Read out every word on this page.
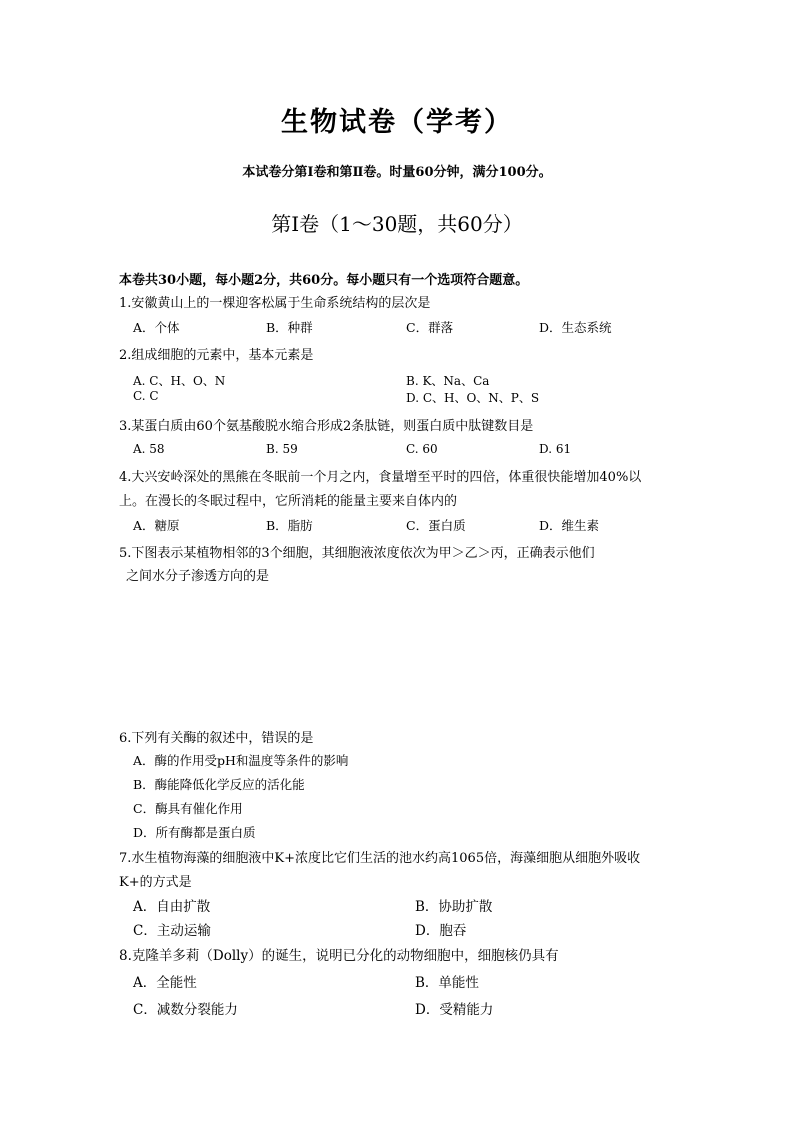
生物试卷（学考）
本试卷分第Ⅰ卷和第Ⅱ卷。时量60分钟，满分100分。
第Ⅰ卷（1～30题，共60分）
本卷共30小题，每小题2分，共60分。每小题只有一个选项符合题意。
1.安徽黄山上的一棵迎客松属于生命系统结构的层次是
A．个体	B．种群	C．群落	D．生态系统
2.组成细胞的元素中，基本元素是
A. C、H、O、N	B. K、Na、Ca
C. C	D. C、H、O、N、P、S
3.某蛋白质由60个氨基酸脱水缩合形成2条肽链，则蛋白质中肽键数目是
A. 58	B. 59	C. 60	D. 61
4.大兴安岭深处的黑熊在冬眠前一个月之内，食量增至平时的四倍，体重很快能增加40%以
上。在漫长的冬眠过程中，它所消耗的能量主要来自体内的
A．糖原	B．脂肪	C．蛋白质	D．维生素
5.下图表示某植物相邻的3个细胞，其细胞液浓度依次为甲＞乙＞丙，正确表示他们
之间水分子渗透方向的是
6.下列有关酶的叙述中，错误的是
A．酶的作用受pH和温度等条件的影响
B．酶能降低化学反应的活化能
C．酶具有催化作用
D．所有酶都是蛋白质
7.水生植物海藻的细胞液中K+浓度比它们生活的池水约高1065倍，海藻细胞从细胞外吸收
K+的方式是
A．自由扩散	B．协助扩散
C．主动运输	D．胞吞
8.克隆羊多莉（Dolly）的诞生，说明已分化的动物细胞中，细胞核仍具有
A．全能性	B．单能性
C．减数分裂能力	D．受精能力
